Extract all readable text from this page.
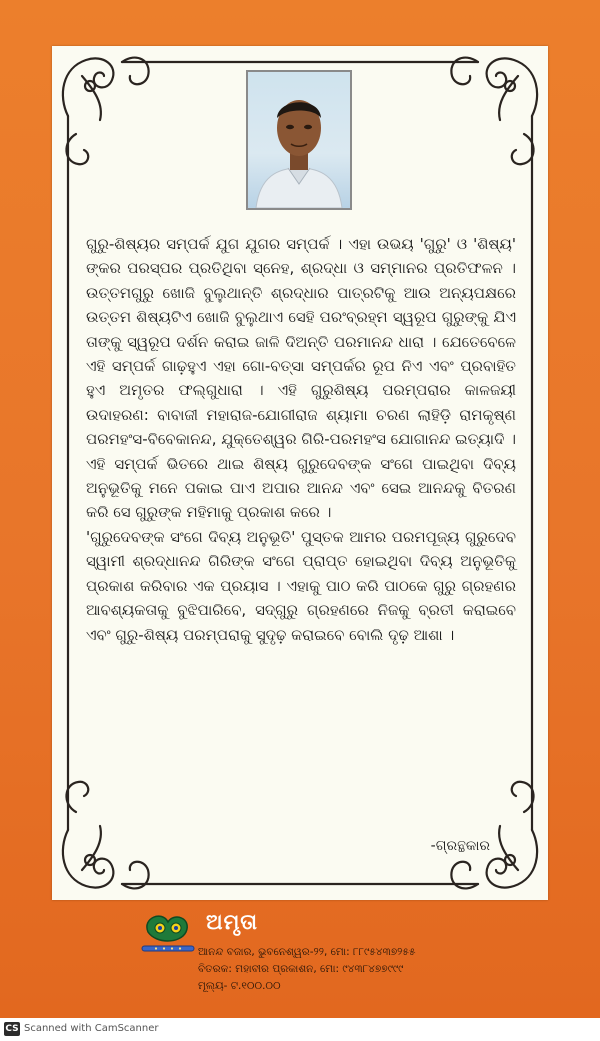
ଗୁରୁ-ଶିଷ୍ୟର ସମ୍ପର୍କ ଯୁଗ ଯୁଗର ସମ୍ପର୍କ । ଏହା ଉଭୟ 'ଗୁରୁ' ଓ 'ଶିଷ୍ୟ' ଙ୍କର ପରସ୍ପର ପ୍ରତିଥିବା ସ୍ନେହ, ଶ୍ରଦ୍ଧା ଓ ସମ୍ମାନର ପ୍ରତିଫଳନ । ଉତ୍ତମଗୁରୁ ଖୋଜି ବୁଲୁଥାନ୍ତି ଶ୍ରଦ୍ଧାର ପାତ୍ରଟିକୁ ଆଉ ଅନ୍ୟପକ୍ଷରେ ଉତ୍ତମ ଶିଷ୍ୟଟିଏ ଖୋଜି ବୁଲୁଥାଏ ସେହି ପରଂବ୍ରହ୍ମ ସ୍ୱରୂପ ଗୁରୁଙ୍କୁ ଯିଏ ତାଙ୍କୁ ସ୍ୱରୂପ ଦର୍ଶନ କରାଇ ଜାଳି ଦିଅନ୍ତି ପରମାନନ୍ଦ ଧାରା । ଯେତେବେଳେ ଏହି ସମ୍ପର୍କ ଗାଢ଼ହୁଏ ଏହା ଗୋ-ବତ୍ସା ସମ୍ପର୍କର ରୂପ ନିଏ ଏବଂ ପ୍ରବାହିତ ହୁଏ ଅମୃତର ଫଲ୍ଗୁଧାରା । ଏହି ଗୁରୁଶିଷ୍ୟ ପରମ୍ପରାର କାଳଜୟୀ ଉଦାହରଣ: ବାବାଜୀ ମହାରାଜ-ଯୋଗୀରାଜ ଶ୍ୟାମା ଚରଣ ଲାହିଡ଼ି ରାମକୃଷ୍ଣ ପରମହଂସ-ବିବେକାନନ୍ଦ, ଯୁକ୍ତେଶ୍ୱର ଗିରି-ପରମହଂସ ଯୋଗାନନ୍ଦ ଇତ୍ୟାଦି । ଏହି ସମ୍ପର୍କ ଭିତରେ ଥାଇ ଶିଷ୍ୟ ଗୁରୁଦେବଙ୍କ ସଂଗେ ପାଇଥିବା ଦିବ୍ୟ ଅନୁଭୂତିକୁ ମନେ ପକାଇ ପାଏ ଅପାର ଆନନ୍ଦ ଏବଂ ସେଇ ଆନନ୍ଦକୁ ବିତରଣ କରି ସେ ଗୁରୁଙ୍କ ମହିମାକୁ ପ୍ରକାଶ କରେ ।

'ଗୁରୁଦେବଙ୍କ ସଂଗେ ଦିବ୍ୟ ଅନୁଭୂତି' ପୁସ୍ତକ ଆମର ପରମପୂଜ୍ୟ ଗୁରୁଦେବ ସ୍ୱାମୀ ଶ୍ରଦ୍ଧାନନ୍ଦ ଗିରିଙ୍କ ସଂଗେ ପ୍ରାପ୍ତ ହୋଇଥିବା ଦିବ୍ୟ ଅନୁଭୂତିକୁ ପ୍ରକାଶ କରିବାର ଏକ ପ୍ରୟାସ । ଏହାକୁ ପାଠ କରି ପାଠକେ ଗୁରୁ ଗ୍ରହଣର ଆବଶ୍ୟକତାକୁ ବୁଝିପାରିବେ, ସଦ୍‌ଗୁରୁ ଗ୍ରହଣରେ ନିଜକୁ ବ୍ରତୀ କରାଇବେ ଏବଂ ଗୁରୁ-ଶିଷ୍ୟ ପରମ୍ପରାକୁ ସୁଦୃଢ଼ କରାଇବେ ବୋଲି ଦୃଢ଼ ଆଶା ।

-ଗ୍ରନ୍ଥକାର
ଅମୃତା
ଆନନ୍ଦ ବଜାର, ଭୁବନେଶ୍ୱର-୨୨, ମୋ: ୮୮୯୫୪୩୭୨୫୫
ବିତରକ: ମହାବୀର ପ୍ରକାଶନ, ମୋ: ୯୪୩୮୪୭୭୯୯୯
ମୂଲ୍ୟ- ଟ.୧୦୦.୦୦
CS Scanned with CamScanner
